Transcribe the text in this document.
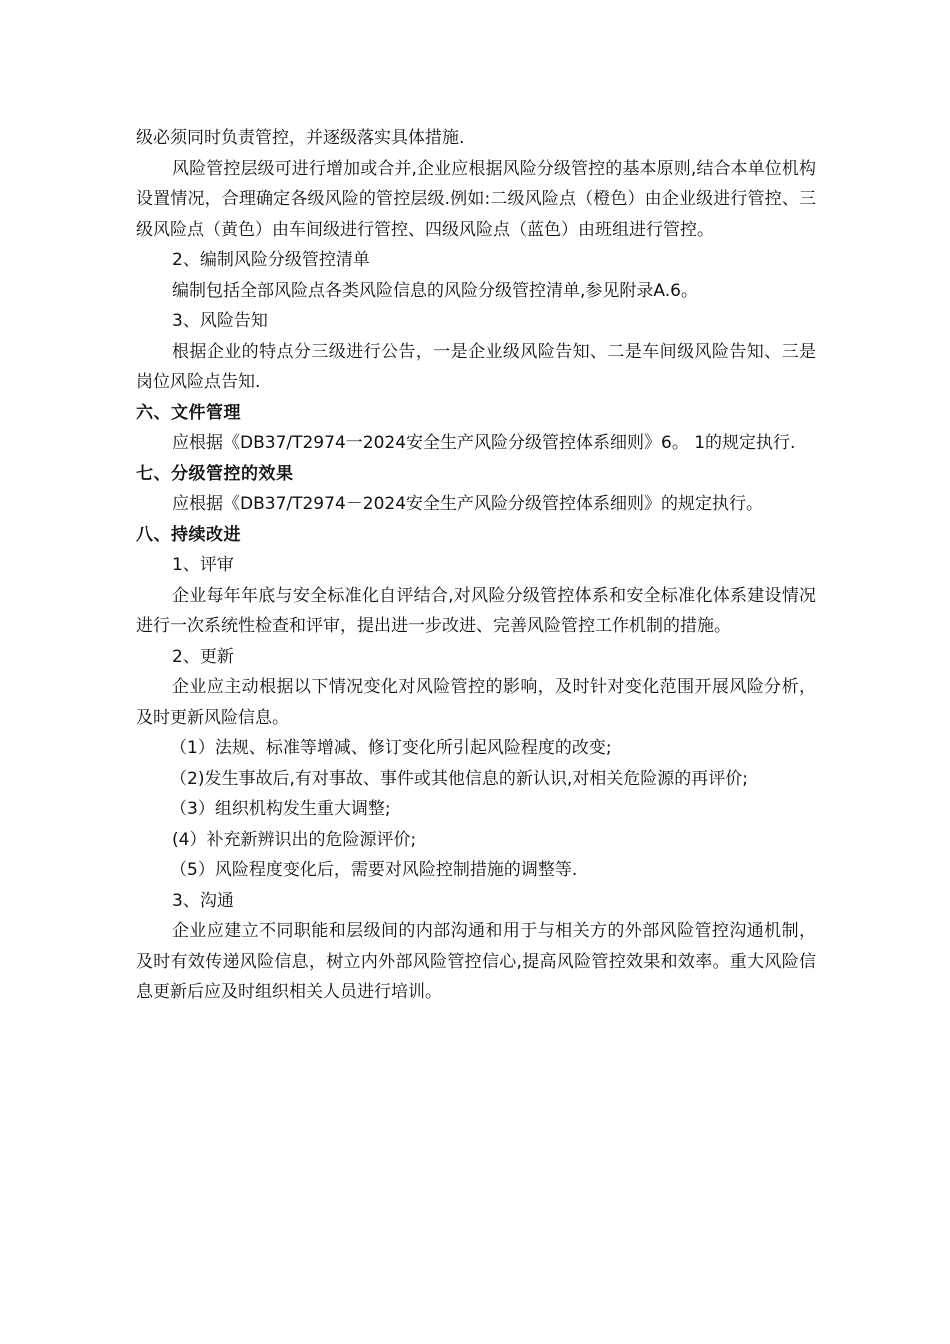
级必须同时负责管控，并逐级落实具体措施.

风险管控层级可进行增加或合并,企业应根据风险分级管控的基本原则,结合本单位机构设置情况，合理确定各级风险的管控层级.例如:二级风险点（橙色）由企业级进行管控、三级风险点（黄色）由车间级进行管控、四级风险点（蓝色）由班组进行管控。

2、编制风险分级管控清单

编制包括全部风险点各类风险信息的风险分级管控清单,参见附录A.6。

3、风险告知

根据企业的特点分三级进行公告，一是企业级风险告知、二是车间级风险告知、三是岗位风险点告知.

六、文件管理

应根据《DB37/T2974一2024安全生产风险分级管控体系细则》6。 1的规定执行.

七、分级管控的效果

应根据《DB37/T2974－2024安全生产风险分级管控体系细则》的规定执行。

八、持续改进

1、评审

企业每年年底与安全标准化自评结合,对风险分级管控体系和安全标准化体系建设情况进行一次系统性检查和评审，提出进一步改进、完善风险管控工作机制的措施。

2、更新

企业应主动根据以下情况变化对风险管控的影响，及时针对变化范围开展风险分析，及时更新风险信息。

（1）法规、标准等增减、修订变化所引起风险程度的改变;

（2)发生事故后,有对事故、事件或其他信息的新认识,对相关危险源的再评价;

（3）组织机构发生重大调整;

(4）补充新辨识出的危险源评价;

（5）风险程度变化后，需要对风险控制措施的调整等.

3、沟通

企业应建立不同职能和层级间的内部沟通和用于与相关方的外部风险管控沟通机制，及时有效传递风险信息，树立内外部风险管控信心,提高风险管控效果和效率。重大风险信息更新后应及时组织相关人员进行培训。
